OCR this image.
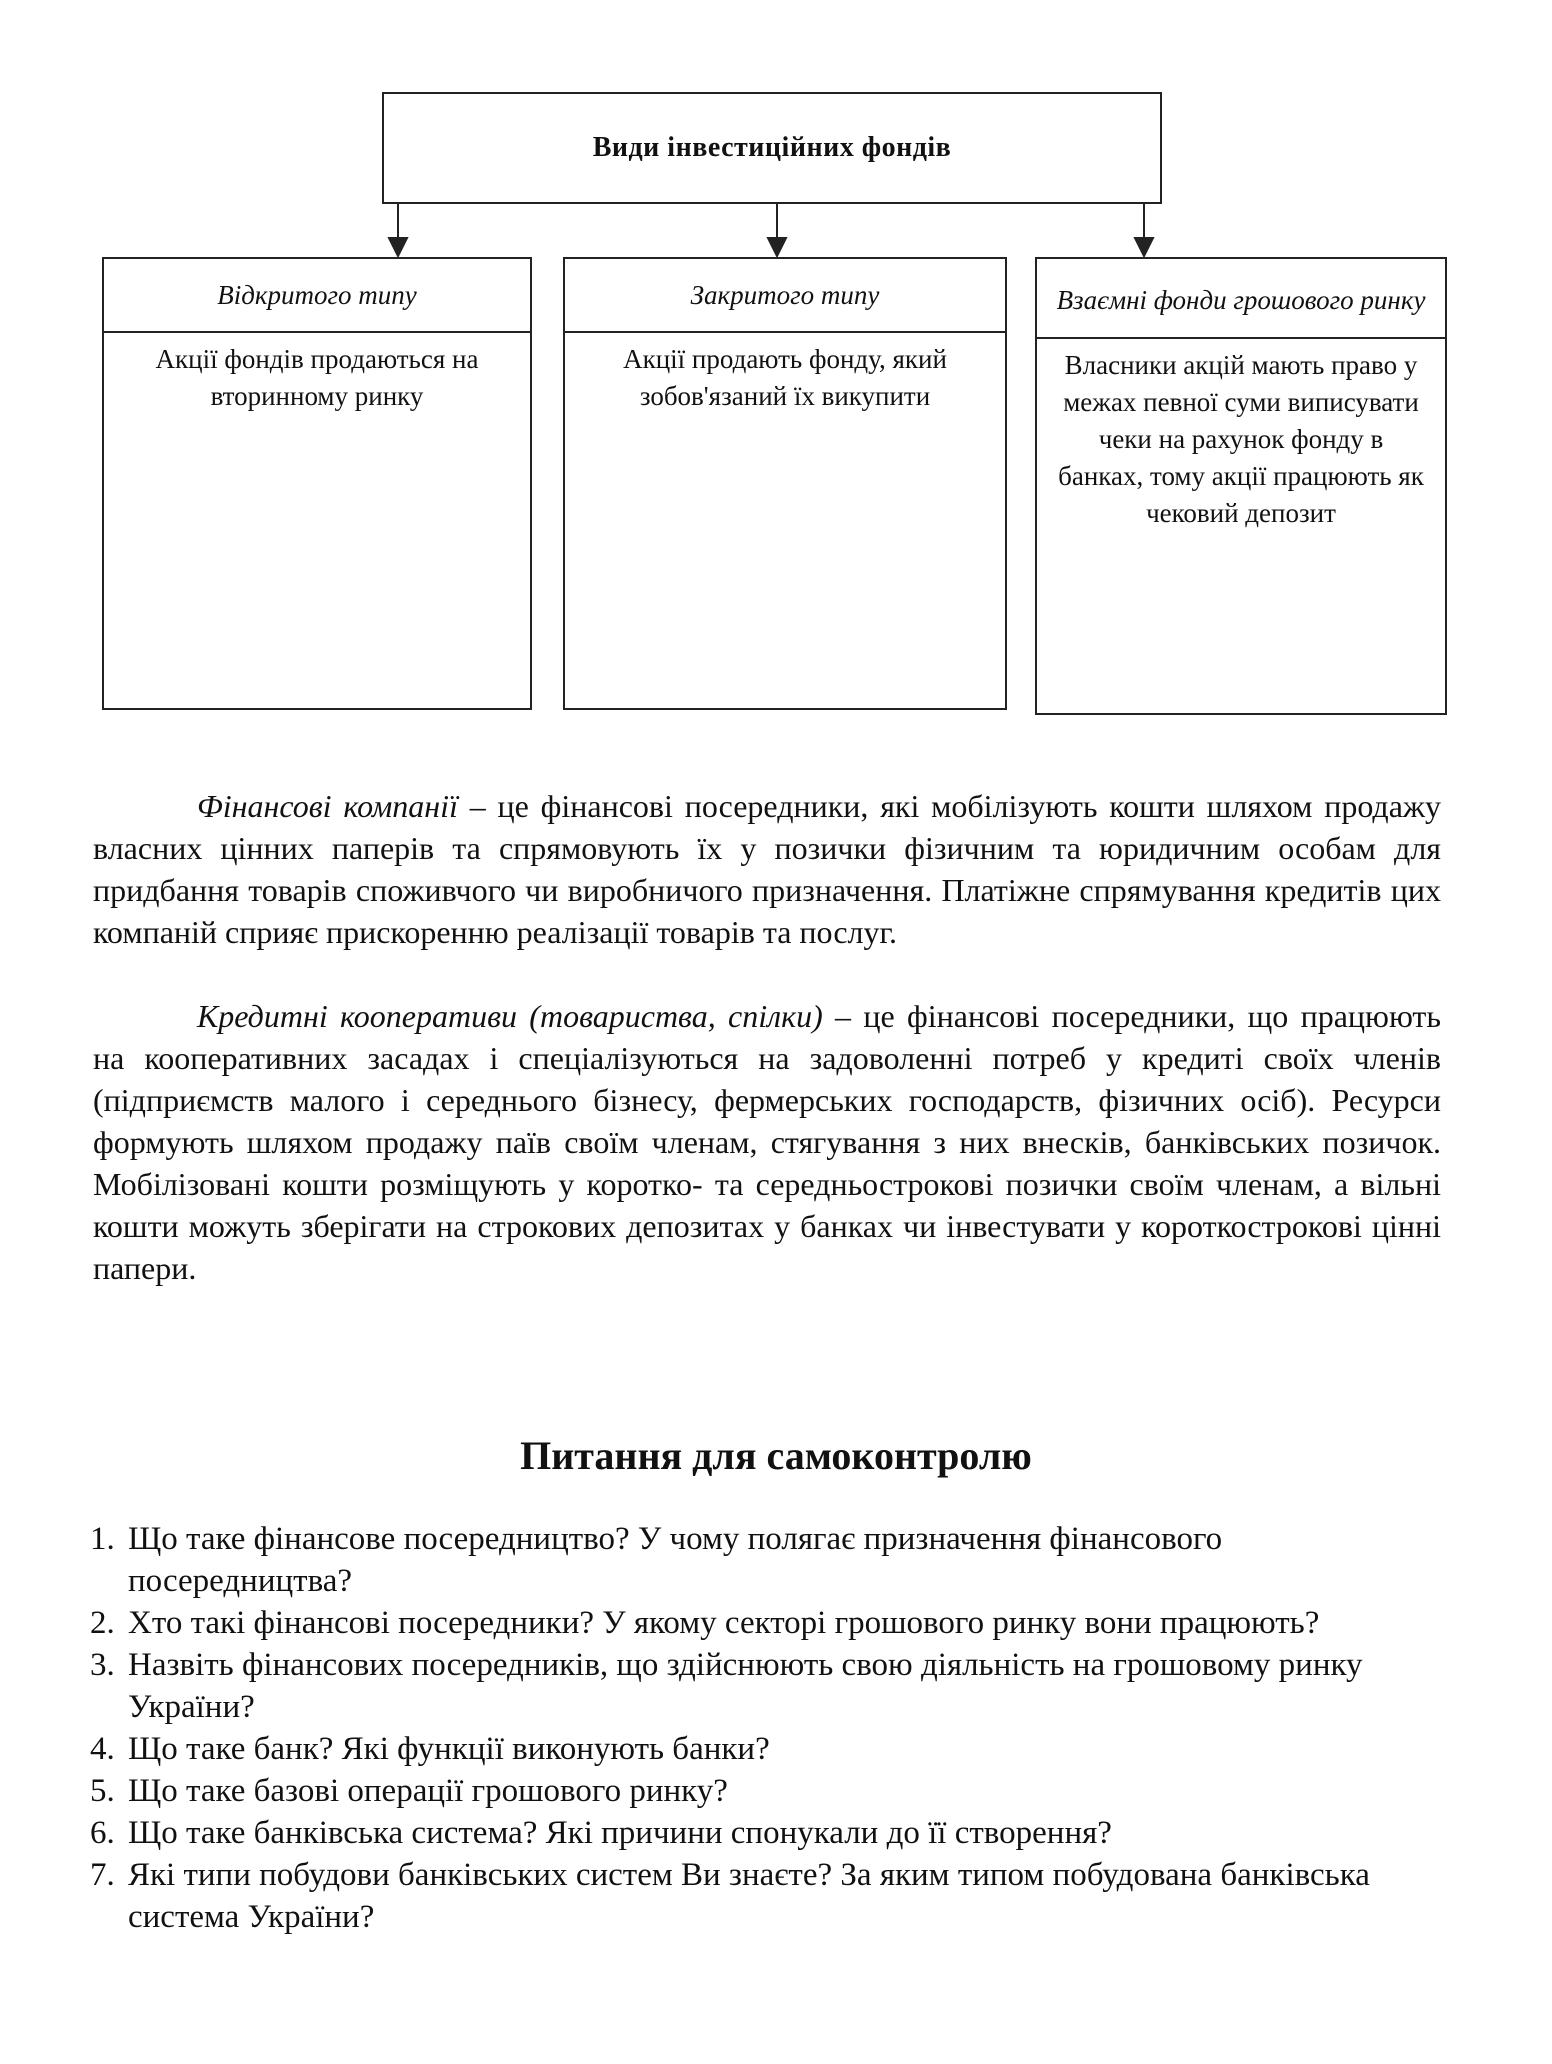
Види інвестиційних фондів
Відкритого типу
Акції фондів продаються на вторинному ринку
Закритого типу
Акції продають фонду, який зобов'язаний їх викупити
Взаємні фонди грошового ринку
Власники акцій мають право у межах певної суми виписувати чеки на рахунок фонду в банках, тому акції працюють як чековий депозит

Фінансові компанії – це фінансові посередники, які мобілізують кошти шляхом продажу власних цінних паперів та спрямовують їх у позички фізичним та юридичним особам для придбання товарів споживчого чи виробничого призначення. Платіжне спрямування кредитів цих компаній сприяє прискоренню реалізації товарів та послуг.

Кредитні кооперативи (товариства, спілки) – це фінансові посередники, що працюють на кооперативних засадах і спеціалізуються на задоволенні потреб у кредиті своїх членів (підприємств малого і середнього бізнесу, фермерських господарств, фізичних осіб). Ресурси формують шляхом продажу паїв своїм членам, стягування з них внесків, банківських позичок. Мобілізовані кошти розміщують у коротко- та середньострокові позички своїм членам, а вільні кошти можуть зберігати на строкових депозитах у банках чи інвестувати у короткострокові цінні папери.

Питання для самоконтролю
1. Що таке фінансове посередництво? У чому полягає призначення фінансового посередництва?
2. Хто такі фінансові посередники? У якому секторі грошового ринку вони працюють?
3. Назвіть фінансових посередників, що здійснюють свою діяльність на грошовому ринку України?
4. Що таке банк? Які функції виконують банки?
5. Що таке базові операції грошового ринку?
6. Що таке банківська система? Які причини спонукали до її створення?
7. Які типи побудови банківських систем Ви знаєте? За яким типом побудована банківська система України?
